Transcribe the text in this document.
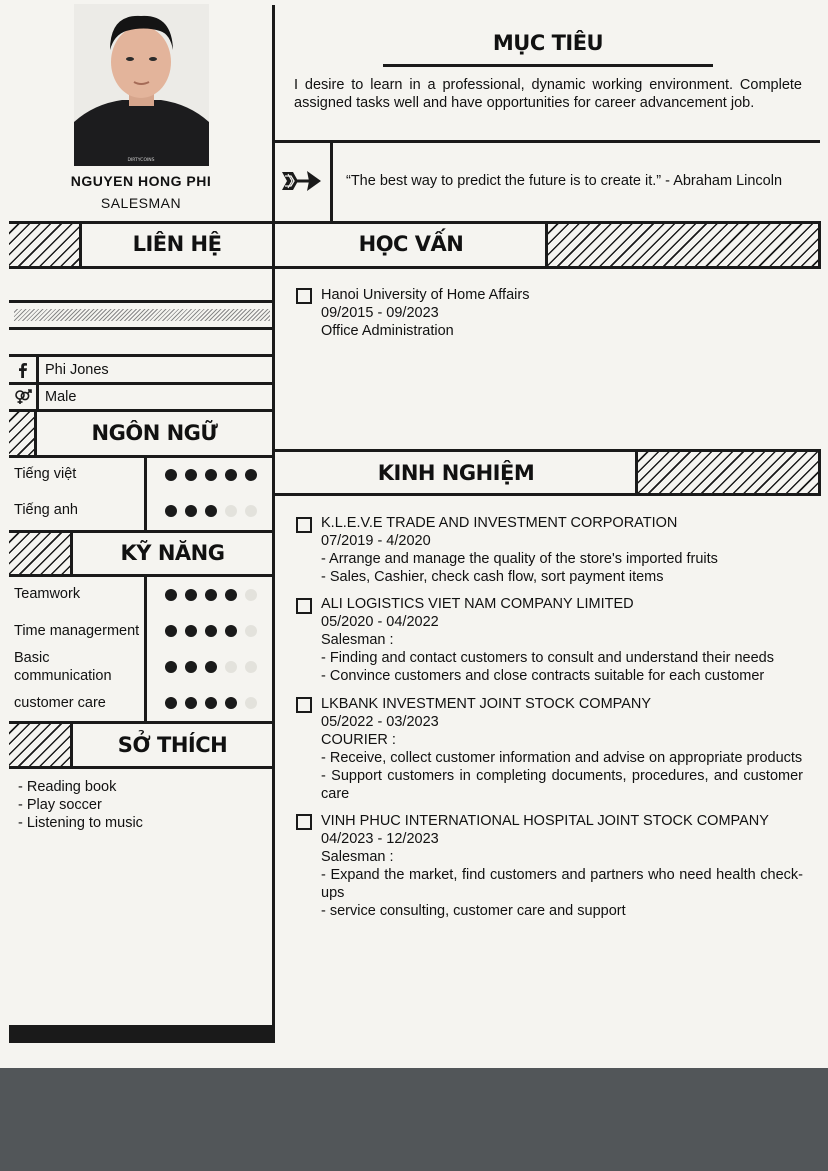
DIRTYCOINS
NGUYEN HONG PHI
SALESMAN
LIÊN HỆ
Phi Jones
Male
NGÔN NGỮ
Tiếng việt
Tiếng anh
KỸ NĂNG
Teamwork
Time managerment
Basic communication
customer care
SỞ THÍCH
- Reading book
- Play soccer
- Listening to music
MỤC TIÊU
I desire to learn in a professional, dynamic working environment. Complete assigned tasks well and have opportunities for career advancement job.
“The best way to predict the future is to create it.” - Abraham Lincoln
HỌC VẤN
Hanoi University of Home Affairs
09/2015 - 09/2023
Office Administration
KINH NGHIỆM
K.L.E.V.E TRADE AND INVESTMENT CORPORATION
07/2019 - 4/2020
- Arrange and manage the quality of the store's imported fruits
- Sales, Cashier, check cash flow, sort payment items
ALI LOGISTICS VIET NAM COMPANY LIMITED
05/2020 - 04/2022
Salesman :
- Finding and contact customers to consult and understand their needs
- Convince customers and close contracts suitable for each customer
LKBANK INVESTMENT JOINT STOCK COMPANY
05/2022 - 03/2023
COURIER :
- Receive, collect customer information and advise on appropriate products
- Support customers in completing documents, procedures, and customer care
VINH PHUC INTERNATIONAL HOSPITAL JOINT STOCK COMPANY
04/2023 - 12/2023
Salesman :
- Expand the market, find customers and partners who need health check-ups
- service consulting, customer care and support
